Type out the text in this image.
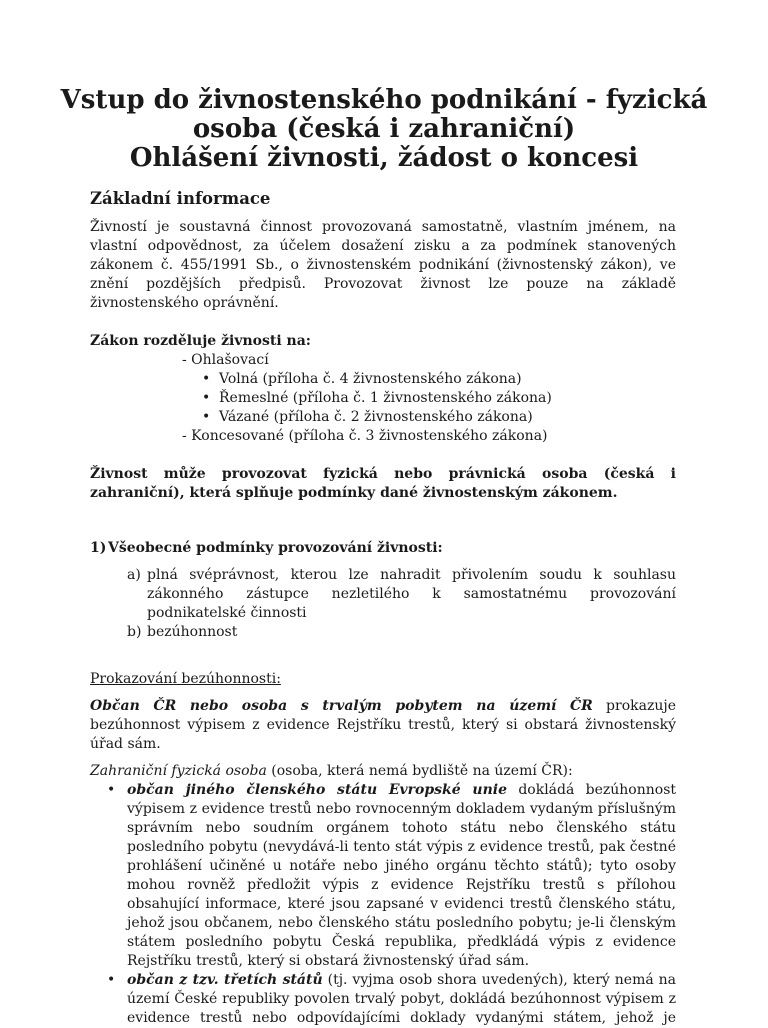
Vstup do živnostenského podnikání - fyzická
osoba (česká i zahraniční)
Ohlášení živnosti, žádost o koncesi
Základní informace

Živností je soustavná činnost provozovaná samostatně, vlastním jménem, na vlastní odpovědnost, za účelem dosažení zisku a za podmínek stanovených zákonem č. 455/1991 Sb., o živnostenském podnikání (živnostenský zákon), ve znění pozdějších předpisů. Provozovat živnost lze pouze na základě živnostenského oprávnění.

Zákon rozděluje živnosti na:

- Ohlašovací

• Volná (příloha č. 4 živnostenského zákona)
• Řemeslné (příloha č. 1 živnostenského zákona)
• Vázané (příloha č. 2 živnostenského zákona)

- Koncesované (příloha č. 3 živnostenského zákona)

Živnost může provozovat fyzická nebo právnická osoba (česká i zahraniční), která splňuje podmínky dané živnostenským zákonem.

1) Všeobecné podmínky provozování živnosti:
a) plná svéprávnost, kterou lze nahradit přivolením soudu k souhlasu zákonného zástupce nezletilého k samostatnému provozování podnikatelské činnosti
b) bezúhonnost

Prokazování bezúhonnosti:

Občan ČR nebo osoba s trvalým pobytem na území ČR prokazuje bezúhonnost výpisem z evidence Rejstříku trestů, který si obstará živnostenský úřad sám.

Zahraniční fyzická osoba (osoba, která nemá bydliště na území ČR):

• občan jiného členského státu Evropské unie dokládá bezúhonnost výpisem z evidence trestů nebo rovnocenným dokladem vydaným příslušným správním nebo soudním orgánem tohoto státu nebo členského státu posledního pobytu (nevydává-li tento stát výpis z evidence trestů, pak čestné prohlášení učiněné u notáře nebo jiného orgánu těchto států); tyto osoby mohou rovněž předložit výpis z evidence Rejstříku trestů s přílohou obsahující informace, které jsou zapsané v evidenci trestů členského státu, jehož jsou občanem, nebo členského státu posledního pobytu; je-li členským státem posledního pobytu Česká republika, předkládá výpis z evidence Rejstříku trestů, který si obstará živnostenský úřad sám.

• občan z tzv. třetích států (tj. vyjma osob shora uvedených), který nemá na území České republiky povolen trvalý pobyt, dokládá bezúhonnost výpisem z evidence trestů nebo odpovídajícími doklady vydanými státem, jehož je
